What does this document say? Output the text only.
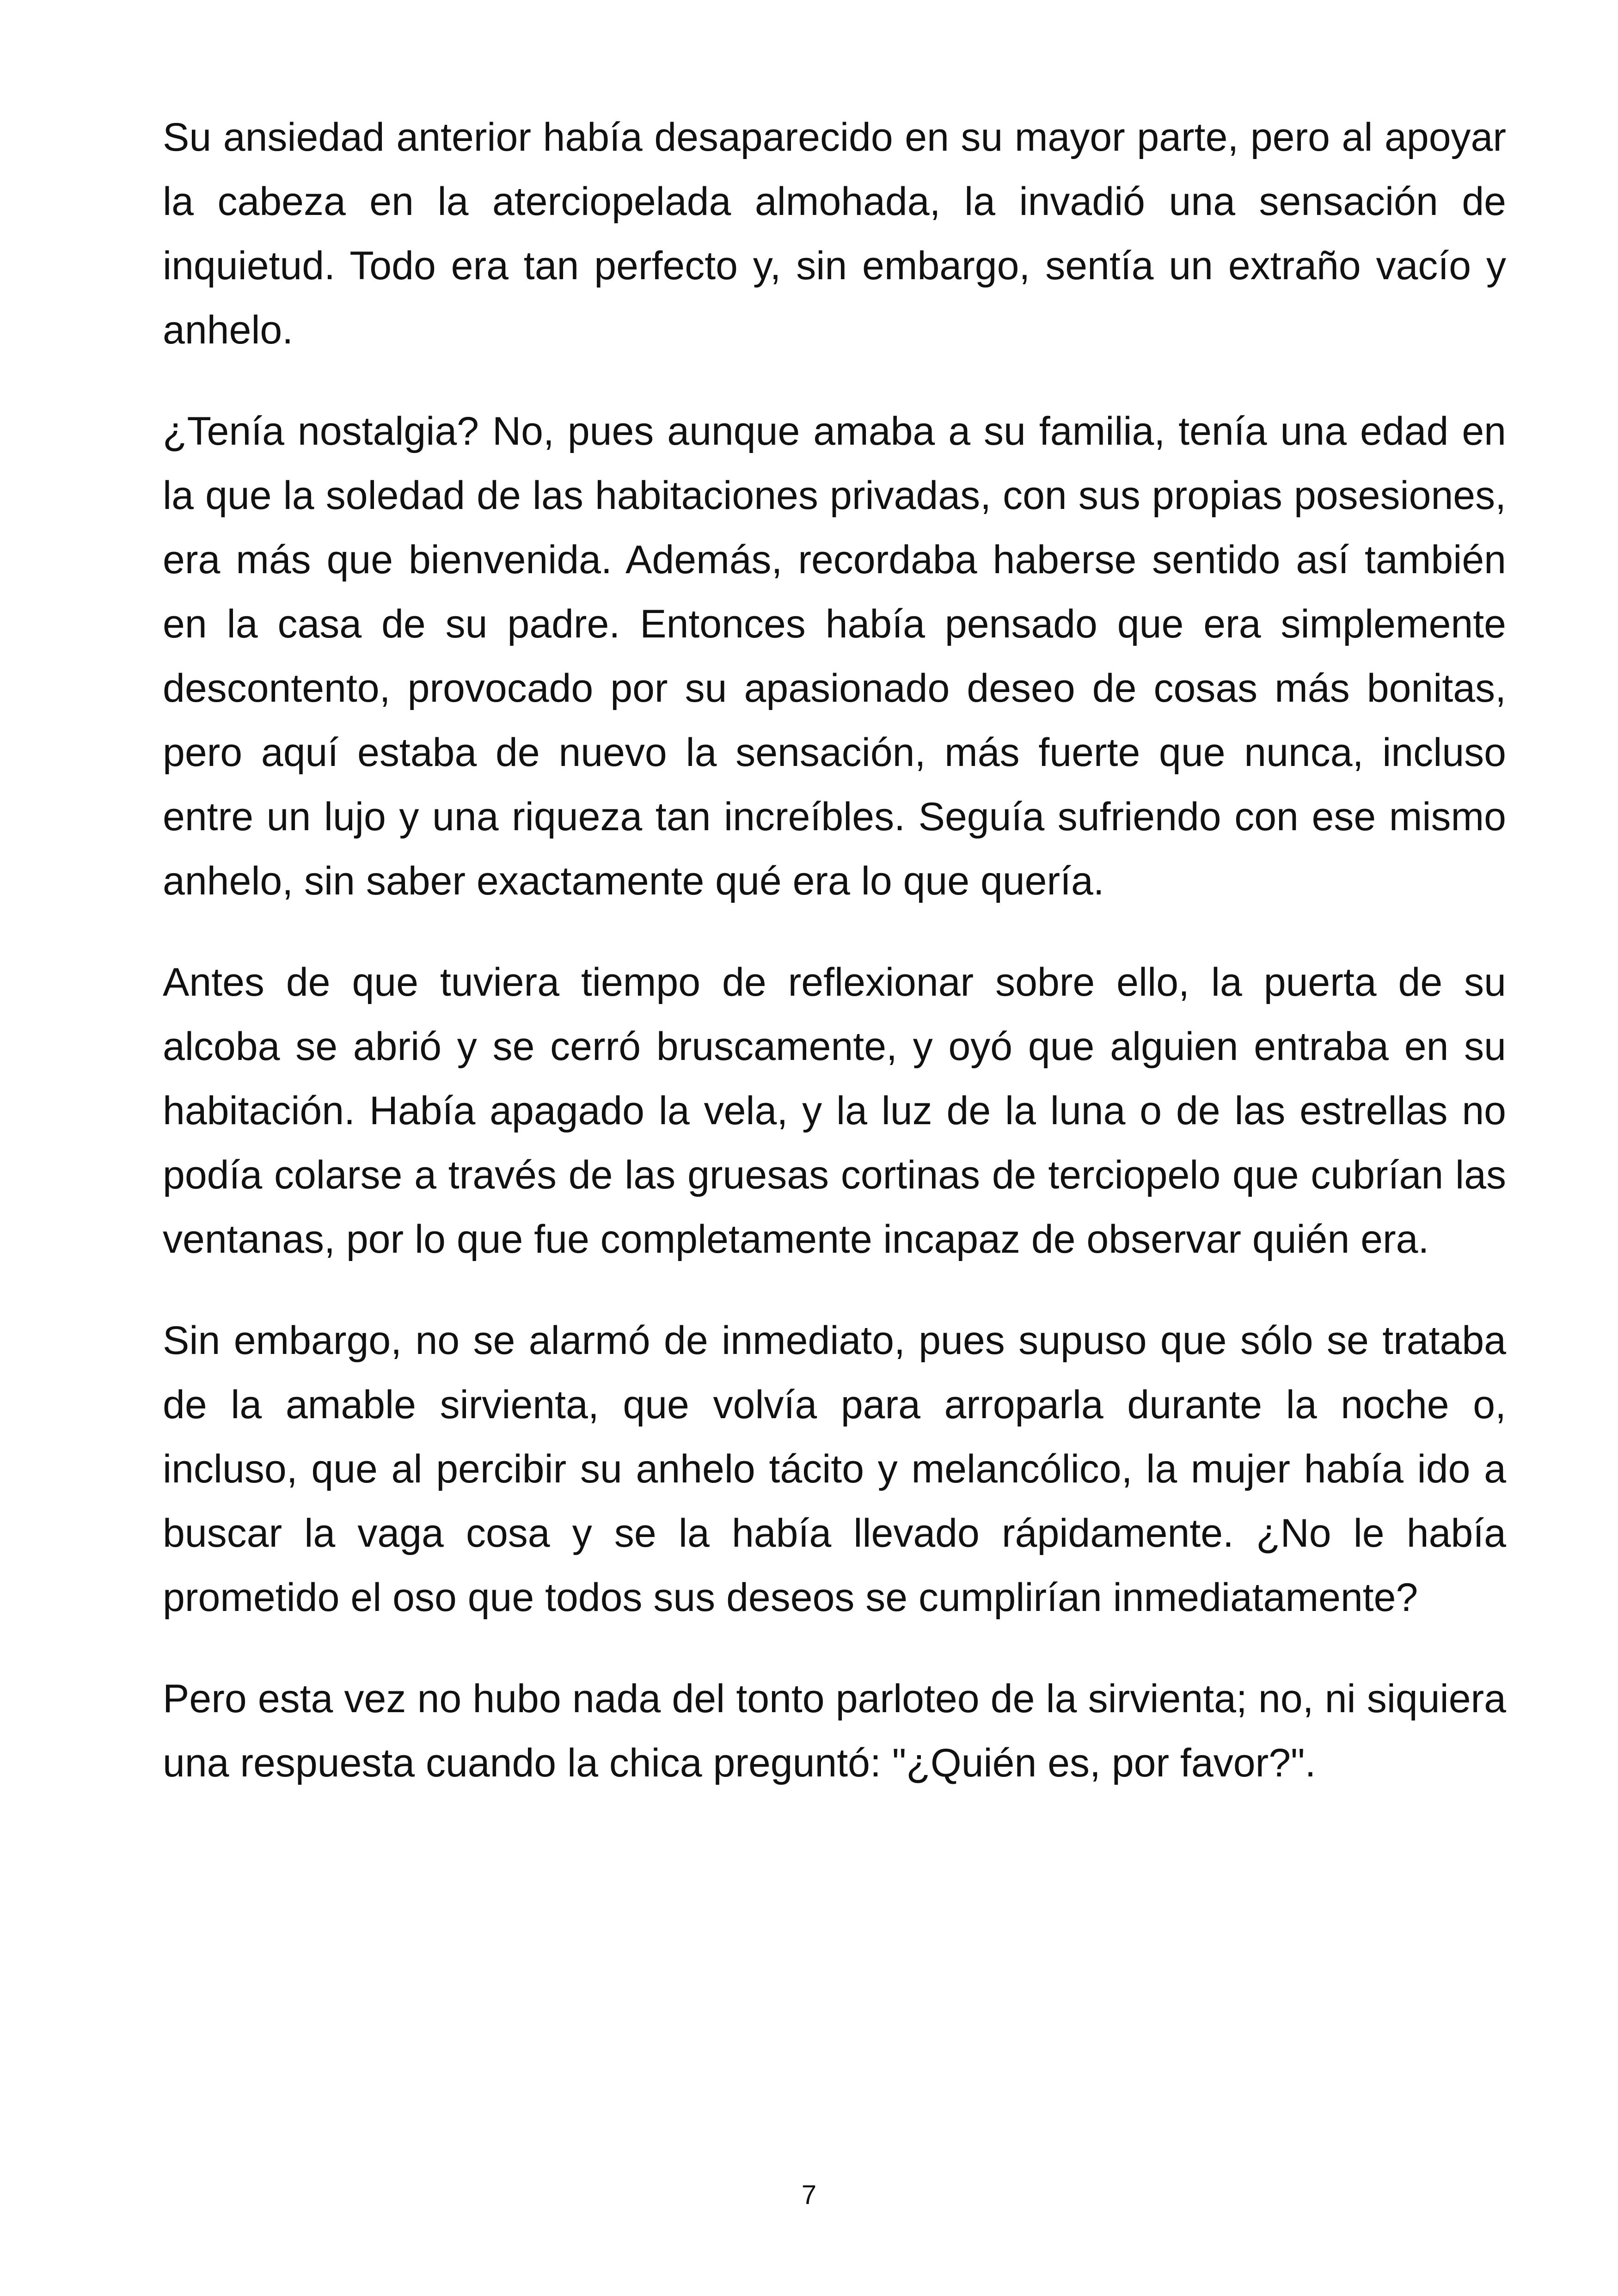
Su ansiedad anterior había desaparecido en su mayor parte, pero al apoyar la cabeza en la aterciopelada almohada, la invadió una sensación de inquietud. Todo era tan perfecto y, sin embargo, sentía un extraño vacío y anhelo.

¿Tenía nostalgia? No, pues aunque amaba a su familia, tenía una edad en la que la soledad de las habitaciones privadas, con sus propias posesiones, era más que bienvenida. Además, recordaba haberse sentido así también en la casa de su padre. Entonces había pensado que era simplemente descontento, provocado por su apasionado deseo de cosas más bonitas, pero aquí estaba de nuevo la sensación, más fuerte que nunca, incluso entre un lujo y una riqueza tan increíbles. Seguía sufriendo con ese mismo anhelo, sin saber exactamente qué era lo que quería.

Antes de que tuviera tiempo de reflexionar sobre ello, la puerta de su alcoba se abrió y se cerró bruscamente, y oyó que alguien entraba en su habitación. Había apagado la vela, y la luz de la luna o de las estrellas no podía colarse a través de las gruesas cortinas de terciopelo que cubrían las ventanas, por lo que fue completamente incapaz de observar quién era.

Sin embargo, no se alarmó de inmediato, pues supuso que sólo se trataba de la amable sirvienta, que volvía para arroparla durante la noche o, incluso, que al percibir su anhelo tácito y melancólico, la mujer había ido a buscar la vaga cosa y se la había llevado rápidamente. ¿No le había prometido el oso que todos sus deseos se cumplirían inmediatamente?

Pero esta vez no hubo nada del tonto parloteo de la sirvienta; no, ni siquiera una respuesta cuando la chica preguntó: "¿Quién es, por favor?".

7
